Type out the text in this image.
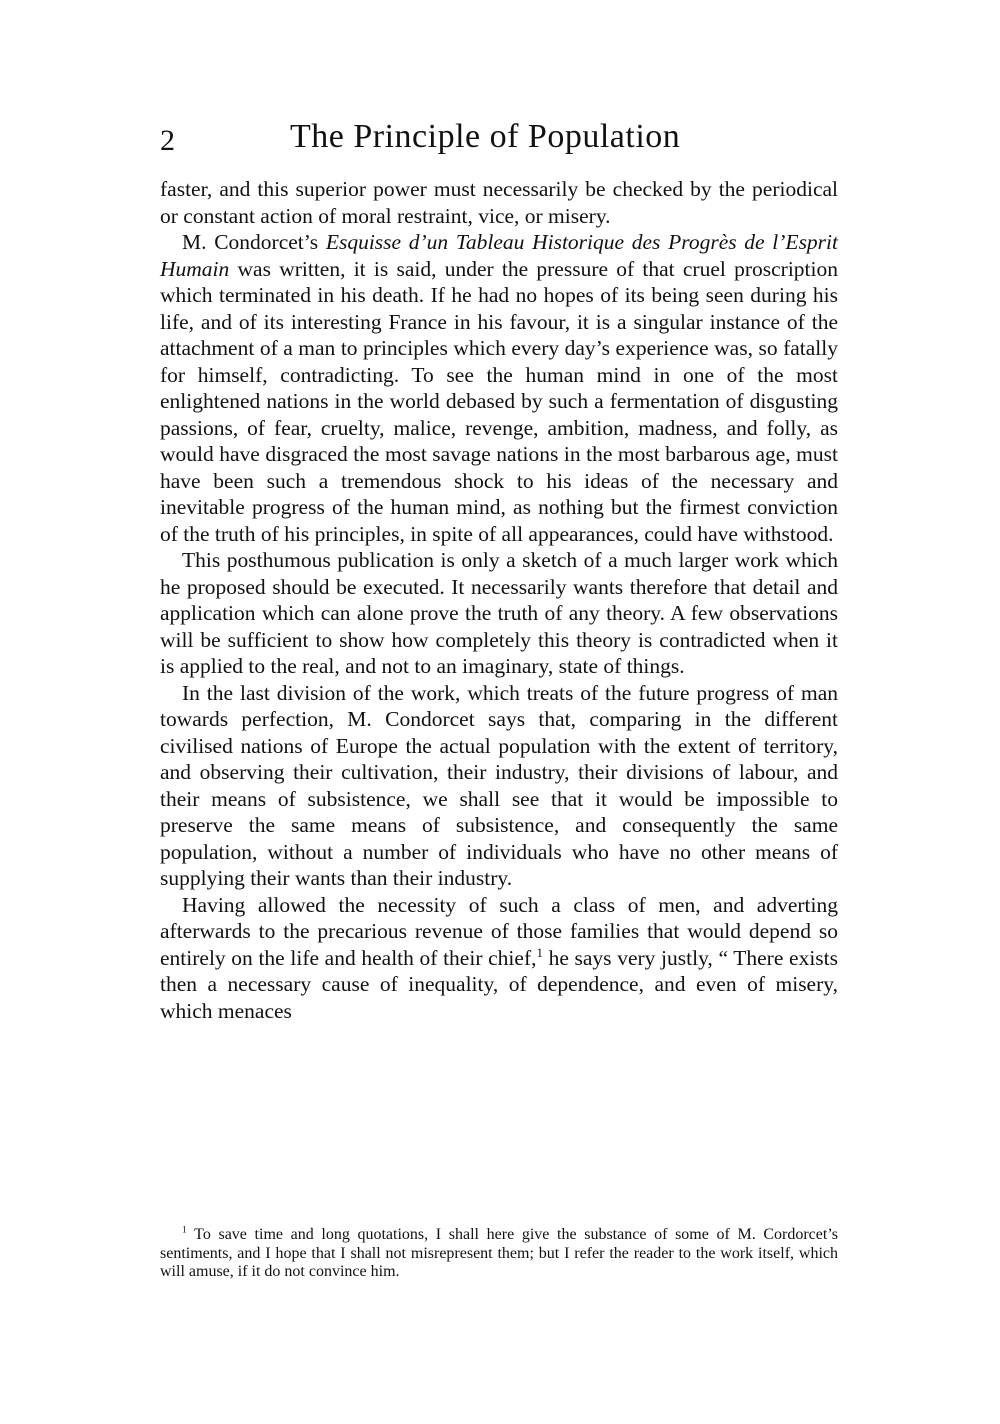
2	The Principle of Population

faster, and this superior power must necessarily be checked by the periodical or constant action of moral restraint, vice, or misery.

M. Condorcet’s Esquisse d’un Tableau Historique des Progrès de l’Esprit Humain was written, it is said, under the pressure of that cruel proscription which terminated in his death. If he had no hopes of its being seen during his life, and of its interesting France in his favour, it is a singular instance of the attachment of a man to principles which every day’s experience was, so fatally for himself, contradicting. To see the human mind in one of the most enlightened nations in the world debased by such a fermentation of disgusting passions, of fear, cruelty, malice, revenge, ambition, madness, and folly, as would have disgraced the most savage nations in the most barbarous age, must have been such a tremendous shock to his ideas of the necessary and inevitable progress of the human mind, as nothing but the firmest conviction of the truth of his principles, in spite of all appearances, could have withstood.

This posthumous publication is only a sketch of a much larger work which he proposed should be executed. It necessarily wants therefore that detail and application which can alone prove the truth of any theory. A few observations will be sufficient to show how completely this theory is contradicted when it is applied to the real, and not to an imaginary, state of things.

In the last division of the work, which treats of the future progress of man towards perfection, M. Condorcet says that, comparing in the different civilised nations of Europe the actual population with the extent of territory, and observing their cultivation, their industry, their divisions of labour, and their means of subsistence, we shall see that it would be impossible to preserve the same means of subsistence, and consequently the same population, without a number of individuals who have no other means of supplying their wants than their industry.

Having allowed the necessity of such a class of men, and adverting afterwards to the precarious revenue of those families that would depend so entirely on the life and health of their chief,$^1$ he says very justly, “ There exists then a necessary cause of inequality, of dependence, and even of misery, which menaces

$^1$ To save time and long quotations, I shall here give the substance of some of M. Cordorcet’s sentiments, and I hope that I shall not misrepresent them; but I refer the reader to the work itself, which will amuse, if it do not convince him.
